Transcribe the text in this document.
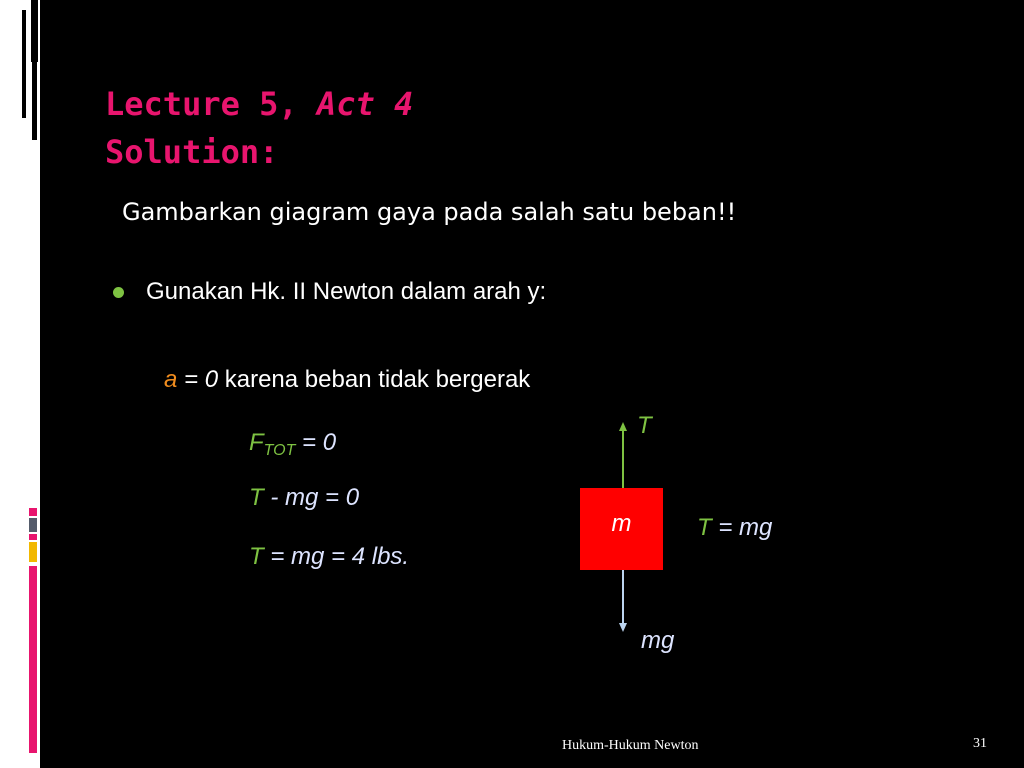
Lecture 5, Act 4
Solution:
Gambarkan giagram gaya pada salah satu beban!!
Gunakan Hk. II Newton dalam arah y:
a = 0 karena beban tidak bergerak
$F_{TOT} = 0$
T - mg = 0
T = mg = 4 lbs.
m
T
mg
T = mg
Hukum-Hukum Newton	31
